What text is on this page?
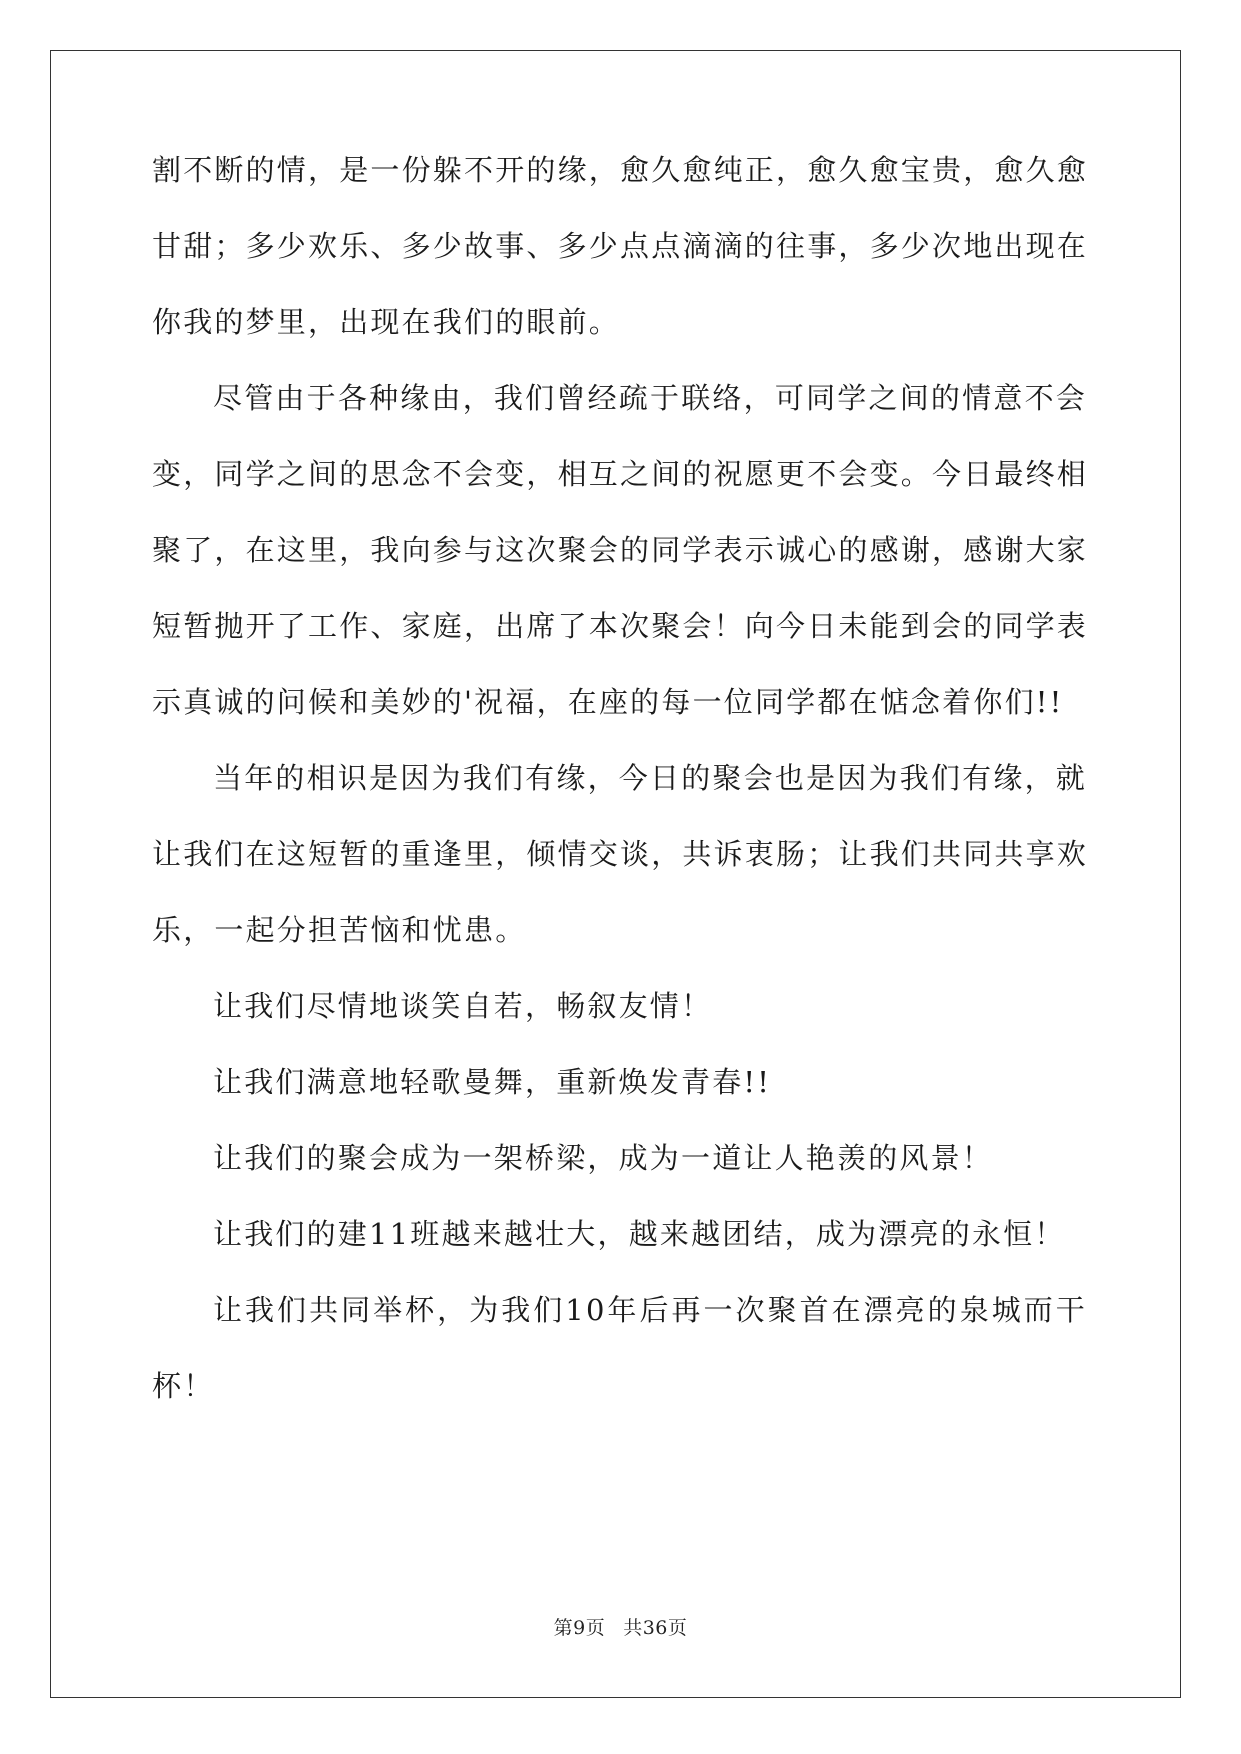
割不断的情，是一份躲不开的缘，愈久愈纯正，愈久愈宝贵，愈久愈
甘甜；多少欢乐、多少故事、多少点点滴滴的往事，多少次地出现在
你我的梦里，出现在我们的眼前。
尽管由于各种缘由，我们曾经疏于联络，可同学之间的情意不会
变，同学之间的思念不会变，相互之间的祝愿更不会变。今日最终相
聚了，在这里，我向参与这次聚会的同学表示诚心的感谢，感谢大家
短暂抛开了工作、家庭，出席了本次聚会！向今日未能到会的同学表
示真诚的问候和美妙的'祝福，在座的每一位同学都在惦念着你们!!
当年的相识是因为我们有缘，今日的聚会也是因为我们有缘，就
让我们在这短暂的重逢里，倾情交谈，共诉衷肠；让我们共同共享欢
乐，一起分担苦恼和忧患。
让我们尽情地谈笑自若，畅叙友情！
让我们满意地轻歌曼舞，重新焕发青春!!
让我们的聚会成为一架桥梁，成为一道让人艳羡的风景！
让我们的建11班越来越壮大，越来越团结，成为漂亮的永恒！
让我们共同举杯，为我们10年后再一次聚首在漂亮的泉城而干
杯！
第9页 共36页
